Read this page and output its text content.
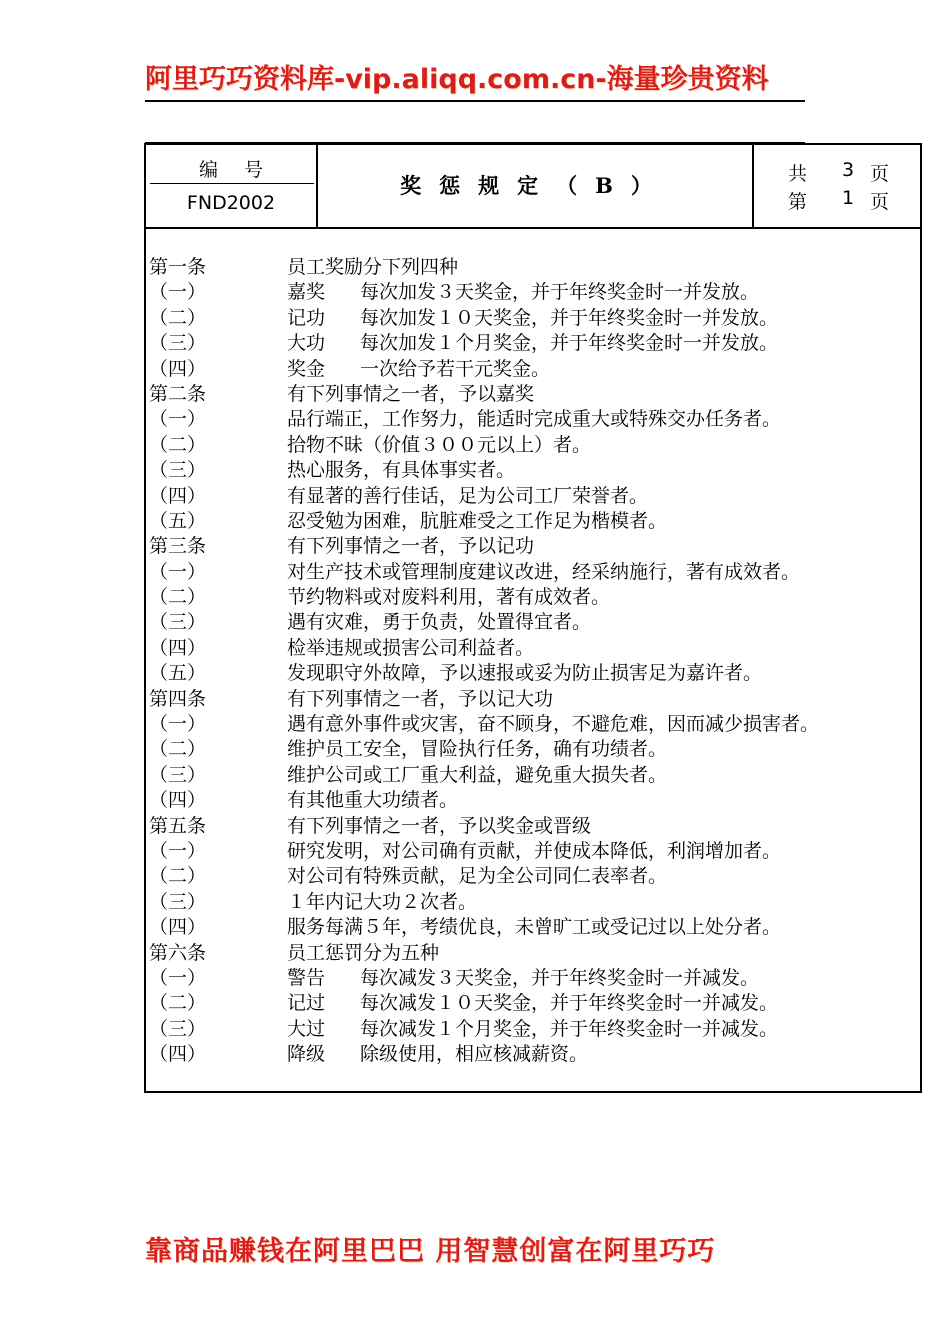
阿里巧巧资料库-vip.aliqq.com.cn-海量珍贵资料
编号
FND2002
奖惩规定（B）	共 3 页
第 1 页
第一条	员工奖励分下列四种
（一）	嘉奖 每次加发３天奖金，并于年终奖金时一并发放。
（二）	记功 每次加发１０天奖金，并于年终奖金时一并发放。
（三）	大功 每次加发１个月奖金，并于年终奖金时一并发放。
（四）	奖金 一次给予若干元奖金。
第二条	有下列事情之一者，予以嘉奖
（一）	品行端正，工作努力，能适时完成重大或特殊交办任务者。
（二）	拾物不昧（价值３００元以上）者。
（三）	热心服务，有具体事实者。
（四）	有显著的善行佳话，足为公司工厂荣誉者。
（五）	忍受勉为困难，肮脏难受之工作足为楷模者。
第三条	有下列事情之一者，予以记功
（一）	对生产技术或管理制度建议改进，经采纳施行，著有成效者。
（二）	节约物料或对废料利用，著有成效者。
（三）	遇有灾难，勇于负责，处置得宜者。
（四）	检举违规或损害公司利益者。
（五）	发现职守外故障，予以速报或妥为防止损害足为嘉许者。
第四条	有下列事情之一者，予以记大功
（一）	遇有意外事件或灾害，奋不顾身，不避危难，因而减少损害者。
（二）	维护员工安全，冒险执行任务，确有功绩者。
（三）	维护公司或工厂重大利益，避免重大损失者。
（四）	有其他重大功绩者。
第五条	有下列事情之一者，予以奖金或晋级
（一）	研究发明，对公司确有贡献，并使成本降低，利润增加者。
（二）	对公司有特殊贡献，足为全公司同仁表率者。
（三）	１年内记大功２次者。
（四）	服务每满５年，考绩优良，未曾旷工或受记过以上处分者。
第六条	员工惩罚分为五种
（一）	警告 每次减发３天奖金，并于年终奖金时一并减发。
（二）	记过 每次减发１０天奖金，并于年终奖金时一并减发。
（三）	大过 每次减发１个月奖金，并于年终奖金时一并减发。
（四）	降级 除级使用，相应核减薪资。
靠商品赚钱在阿里巴巴 用智慧创富在阿里巧巧
